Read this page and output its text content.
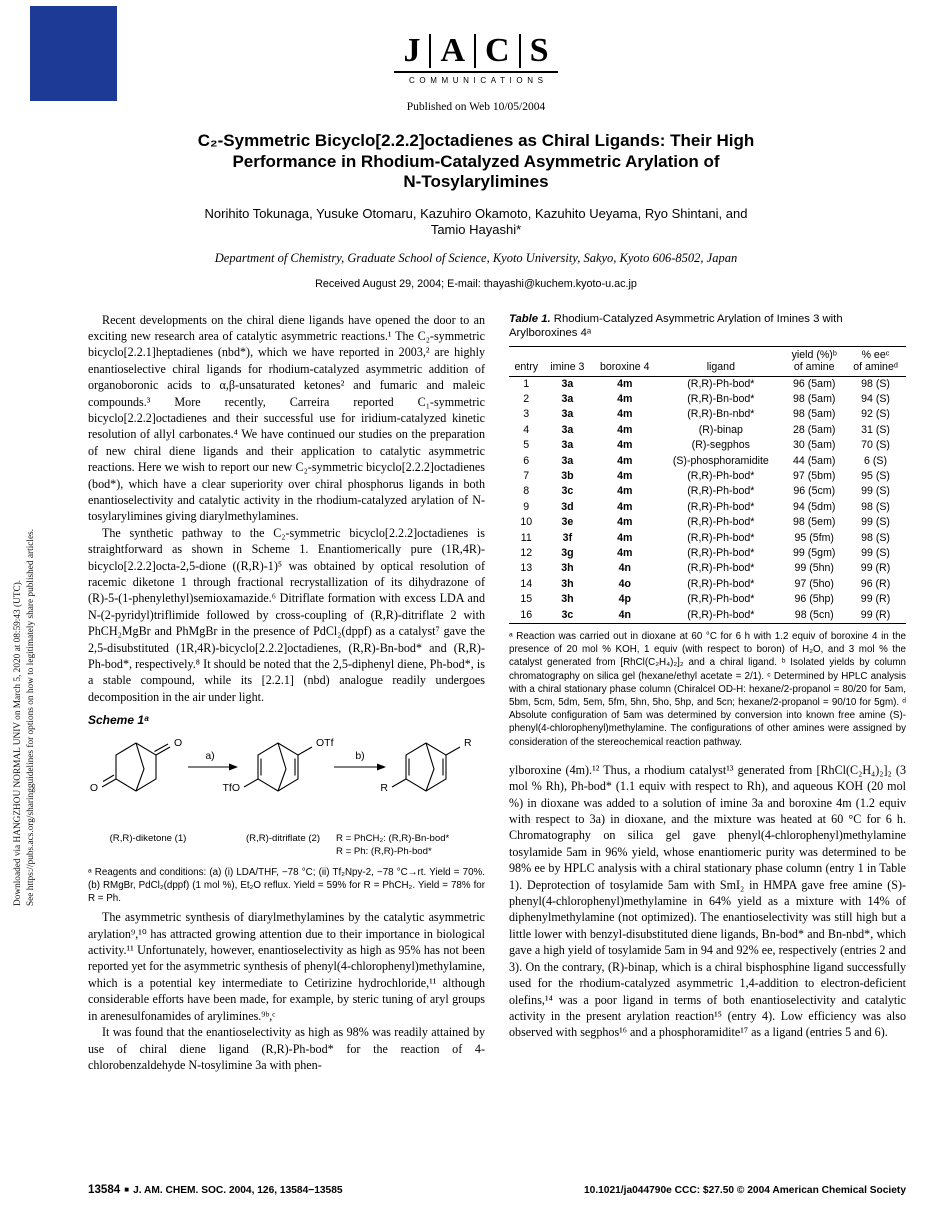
Downloaded via HANGZHOU NORMAL UNIV on March 5, 2020 at 08:59:43 (UTC). See https://pubs.acs.org/sharingguidelines for options on how to legitimately share published articles.
J A C S
COMMUNICATIONS
Published on Web 10/05/2004
C₂-Symmetric Bicyclo[2.2.2]octadienes as Chiral Ligands: Their High
Performance in Rhodium-Catalyzed Asymmetric Arylation of
N-Tosylarylimines
Norihito Tokunaga, Yusuke Otomaru, Kazuhiro Okamoto, Kazuhito Ueyama, Ryo Shintani, and
Tamio Hayashi*
Department of Chemistry, Graduate School of Science, Kyoto University, Sakyo, Kyoto 606-8502, Japan
Received August 29, 2004; E-mail: thayashi@kuchem.kyoto-u.ac.jp

Recent developments on the chiral diene ligands have opened the door to an exciting new research area of catalytic asymmetric reactions.¹ The C₂-symmetric bicyclo[2.2.1]heptadienes (nbd*), which we have reported in 2003,² are highly enantioselective chiral ligands for rhodium-catalyzed asymmetric addition of organoboronic acids to α,β-unsaturated ketones² and fumaric and maleic compounds.³ More recently, Carreira reported C₁-symmetric bicyclo[2.2.2]octadienes and their successful use for iridium-catalyzed kinetic resolution of allyl carbonates.⁴ We have continued our studies on the preparation of new chiral diene ligands and their application to catalytic asymmetric reactions. Here we wish to report our new C₂-symmetric bicyclo[2.2.2]octadienes (bod*), which have a clear superiority over chiral phosphorus ligands in both enantioselectivity and catalytic activity in the rhodium-catalyzed arylation of N-tosylarylimines giving diarylmethylamines.

The synthetic pathway to the C₂-symmetric bicyclo[2.2.2]octadienes is straightforward as shown in Scheme 1. Enantiomerically pure (1R,4R)-bicyclo[2.2.2]octa-2,5-dione ((R,R)-1)⁵ was obtained by optical resolution of racemic diketone 1 through fractional recrystallization of its dihydrazone of (R)-5-(1-phenylethyl)semioxamazide.⁶ Ditriflate formation with excess LDA and N-(2-pyridyl)triflimide followed by cross-coupling of (R,R)-ditriflate 2 with PhCH₂MgBr and PhMgBr in the presence of PdCl₂(dppf) as a catalyst⁷ gave the 2,5-disubstituted (1R,4R)-bicyclo[2.2.2]octadienes, (R,R)-Bn-bod* and (R,R)-Ph-bod*, respectively.⁸ It should be noted that the 2,5-diphenyl diene, Ph-bod*, is a stable compound, while its [2.2.1] (nbd) analogue readily undergoes decomposition in the air under light.

Scheme 1ᵃ
O
O
TfO
OTf
R
R
a)	b)
(R,R)-diketone (1)	(R,R)-ditriflate (2)	R = PhCH₂: (R,R)-Bn-bod*
R = Ph: (R,R)-Ph-bod*
ᵃ Reagents and conditions: (a) (i) LDA/THF, −78 °C; (ii) Tf₂Npy-2, −78 °C→rt. Yield = 70%. (b) RMgBr, PdCl₂(dppf) (1 mol %), Et₂O reflux. Yield = 59% for R = PhCH₂. Yield = 78% for R = Ph.

The asymmetric synthesis of diarylmethylamines by the catalytic asymmetric arylation⁹,¹⁰ has attracted growing attention due to their importance in biological activity.¹¹ Unfortunately, however, enantioselectivity as high as 95% has not been reported yet for the asymmetric synthesis of phenyl(4-chlorophenyl)methylamine, which is a potential key intermediate to Cetirizine hydrochloride,¹¹ although considerable efforts have been made, for example, by steric tuning of aryl groups in arenesulfonamides of arylimines.⁹ᵇ,ᶜ

It was found that the enantioselectivity as high as 98% was readily attained by use of chiral diene ligand (R,R)-Ph-bod* for the reaction of 4-chlorobenzaldehyde N-tosylimine 3a with phen-

Table 1. Rhodium-Catalyzed Asymmetric Arylation of Imines 3 with Arylboroxines 4ᵃ
entry	imine 3	boroxine 4	ligand	yield (%)ᵇ
of amine	% eeᶜ
of amineᵈ
1	3a	4m	(R,R)-Ph-bod*	96 (5am)	98 (S)
2	3a	4m	(R,R)-Bn-bod*	98 (5am)	94 (S)
3	3a	4m	(R,R)-Bn-nbd*	98 (5am)	92 (S)
4	3a	4m	(R)-binap	28 (5am)	31 (S)
5	3a	4m	(R)-segphos	30 (5am)	70 (S)
6	3a	4m	(S)-phosphoramidite	44 (5am)	6 (S)
7	3b	4m	(R,R)-Ph-bod*	97 (5bm)	95 (S)
8	3c	4m	(R,R)-Ph-bod*	96 (5cm)	99 (S)
9	3d	4m	(R,R)-Ph-bod*	94 (5dm)	98 (S)
10	3e	4m	(R,R)-Ph-bod*	98 (5em)	99 (S)
11	3f	4m	(R,R)-Ph-bod*	95 (5fm)	98 (S)
12	3g	4m	(R,R)-Ph-bod*	99 (5gm)	99 (S)
13	3h	4n	(R,R)-Ph-bod*	99 (5hn)	99 (R)
14	3h	4o	(R,R)-Ph-bod*	97 (5ho)	96 (R)
15	3h	4p	(R,R)-Ph-bod*	96 (5hp)	99 (R)
16	3c	4n	(R,R)-Ph-bod*	98 (5cn)	99 (R)
ᵃ Reaction was carried out in dioxane at 60 °C for 6 h with 1.2 equiv of boroxine 4 in the presence of 20 mol % KOH, 1 equiv (with respect to boron) of H₂O, and 3 mol % the catalyst generated from [RhCl(C₂H₄)₂]₂ and a chiral ligand. ᵇ Isolated yields by column chromatography on silica gel (hexane/ethyl acetate = 2/1). ᶜ Determined by HPLC analysis with a chiral stationary phase column (Chiralcel OD-H: hexane/2-propanol = 80/20 for 5am, 5bm, 5cm, 5dm, 5em, 5fm, 5hn, 5ho, 5hp, and 5cn; hexane/2-propanol = 90/10 for 5gm). ᵈ Absolute configuration of 5am was determined by conversion into known free amine (S)-phenyl(4-chlorophenyl)methylamine. The configurations of other amines were assigned by consideration of the stereochemical reaction pathway.

ylboroxine (4m).¹² Thus, a rhodium catalyst¹³ generated from [RhCl(C₂H₄)₂]₂ (3 mol % Rh), Ph-bod* (1.1 equiv with respect to Rh), and aqueous KOH (20 mol %) in dioxane was added to a solution of imine 3a and boroxine 4m (1.2 equiv with respect to 3a) in dioxane, and the mixture was heated at 60 °C for 6 h. Chromatography on silica gel gave phenyl(4-chlorophenyl)methylamine tosylamide 5am in 96% yield, whose enantiomeric purity was determined to be 98% ee by HPLC analysis with a chiral stationary phase column (entry 1 in Table 1). Deprotection of tosylamide 5am with SmI₂ in HMPA gave free amine (S)-phenyl(4-chlorophenyl)methylamine in 64% yield as a mixture with 14% of diphenylmethylamine (not optimized). The enantioselectivity was still high but a little lower with benzyl-disubstituted diene ligands, Bn-bod* and Bn-nbd*, which gave a high yield of tosylamide 5am in 94 and 92% ee, respectively (entries 2 and 3). On the contrary, (R)-binap, which is a chiral bisphosphine ligand successfully used for the rhodium-catalyzed asymmetric 1,4-addition to electron-deficient olefins,¹⁴ was a poor ligand in terms of both enantioselectivity and catalytic activity in the present arylation reaction¹⁵ (entry 4). Low efficiency was also observed with segphos¹⁶ and a phosphoramidite¹⁷ as a ligand (entries 5 and 6).

13584 ■ J. AM. CHEM. SOC. 2004, 126, 13584−13585	10.1021/ja044790e CCC: $27.50 © 2004 American Chemical Society
